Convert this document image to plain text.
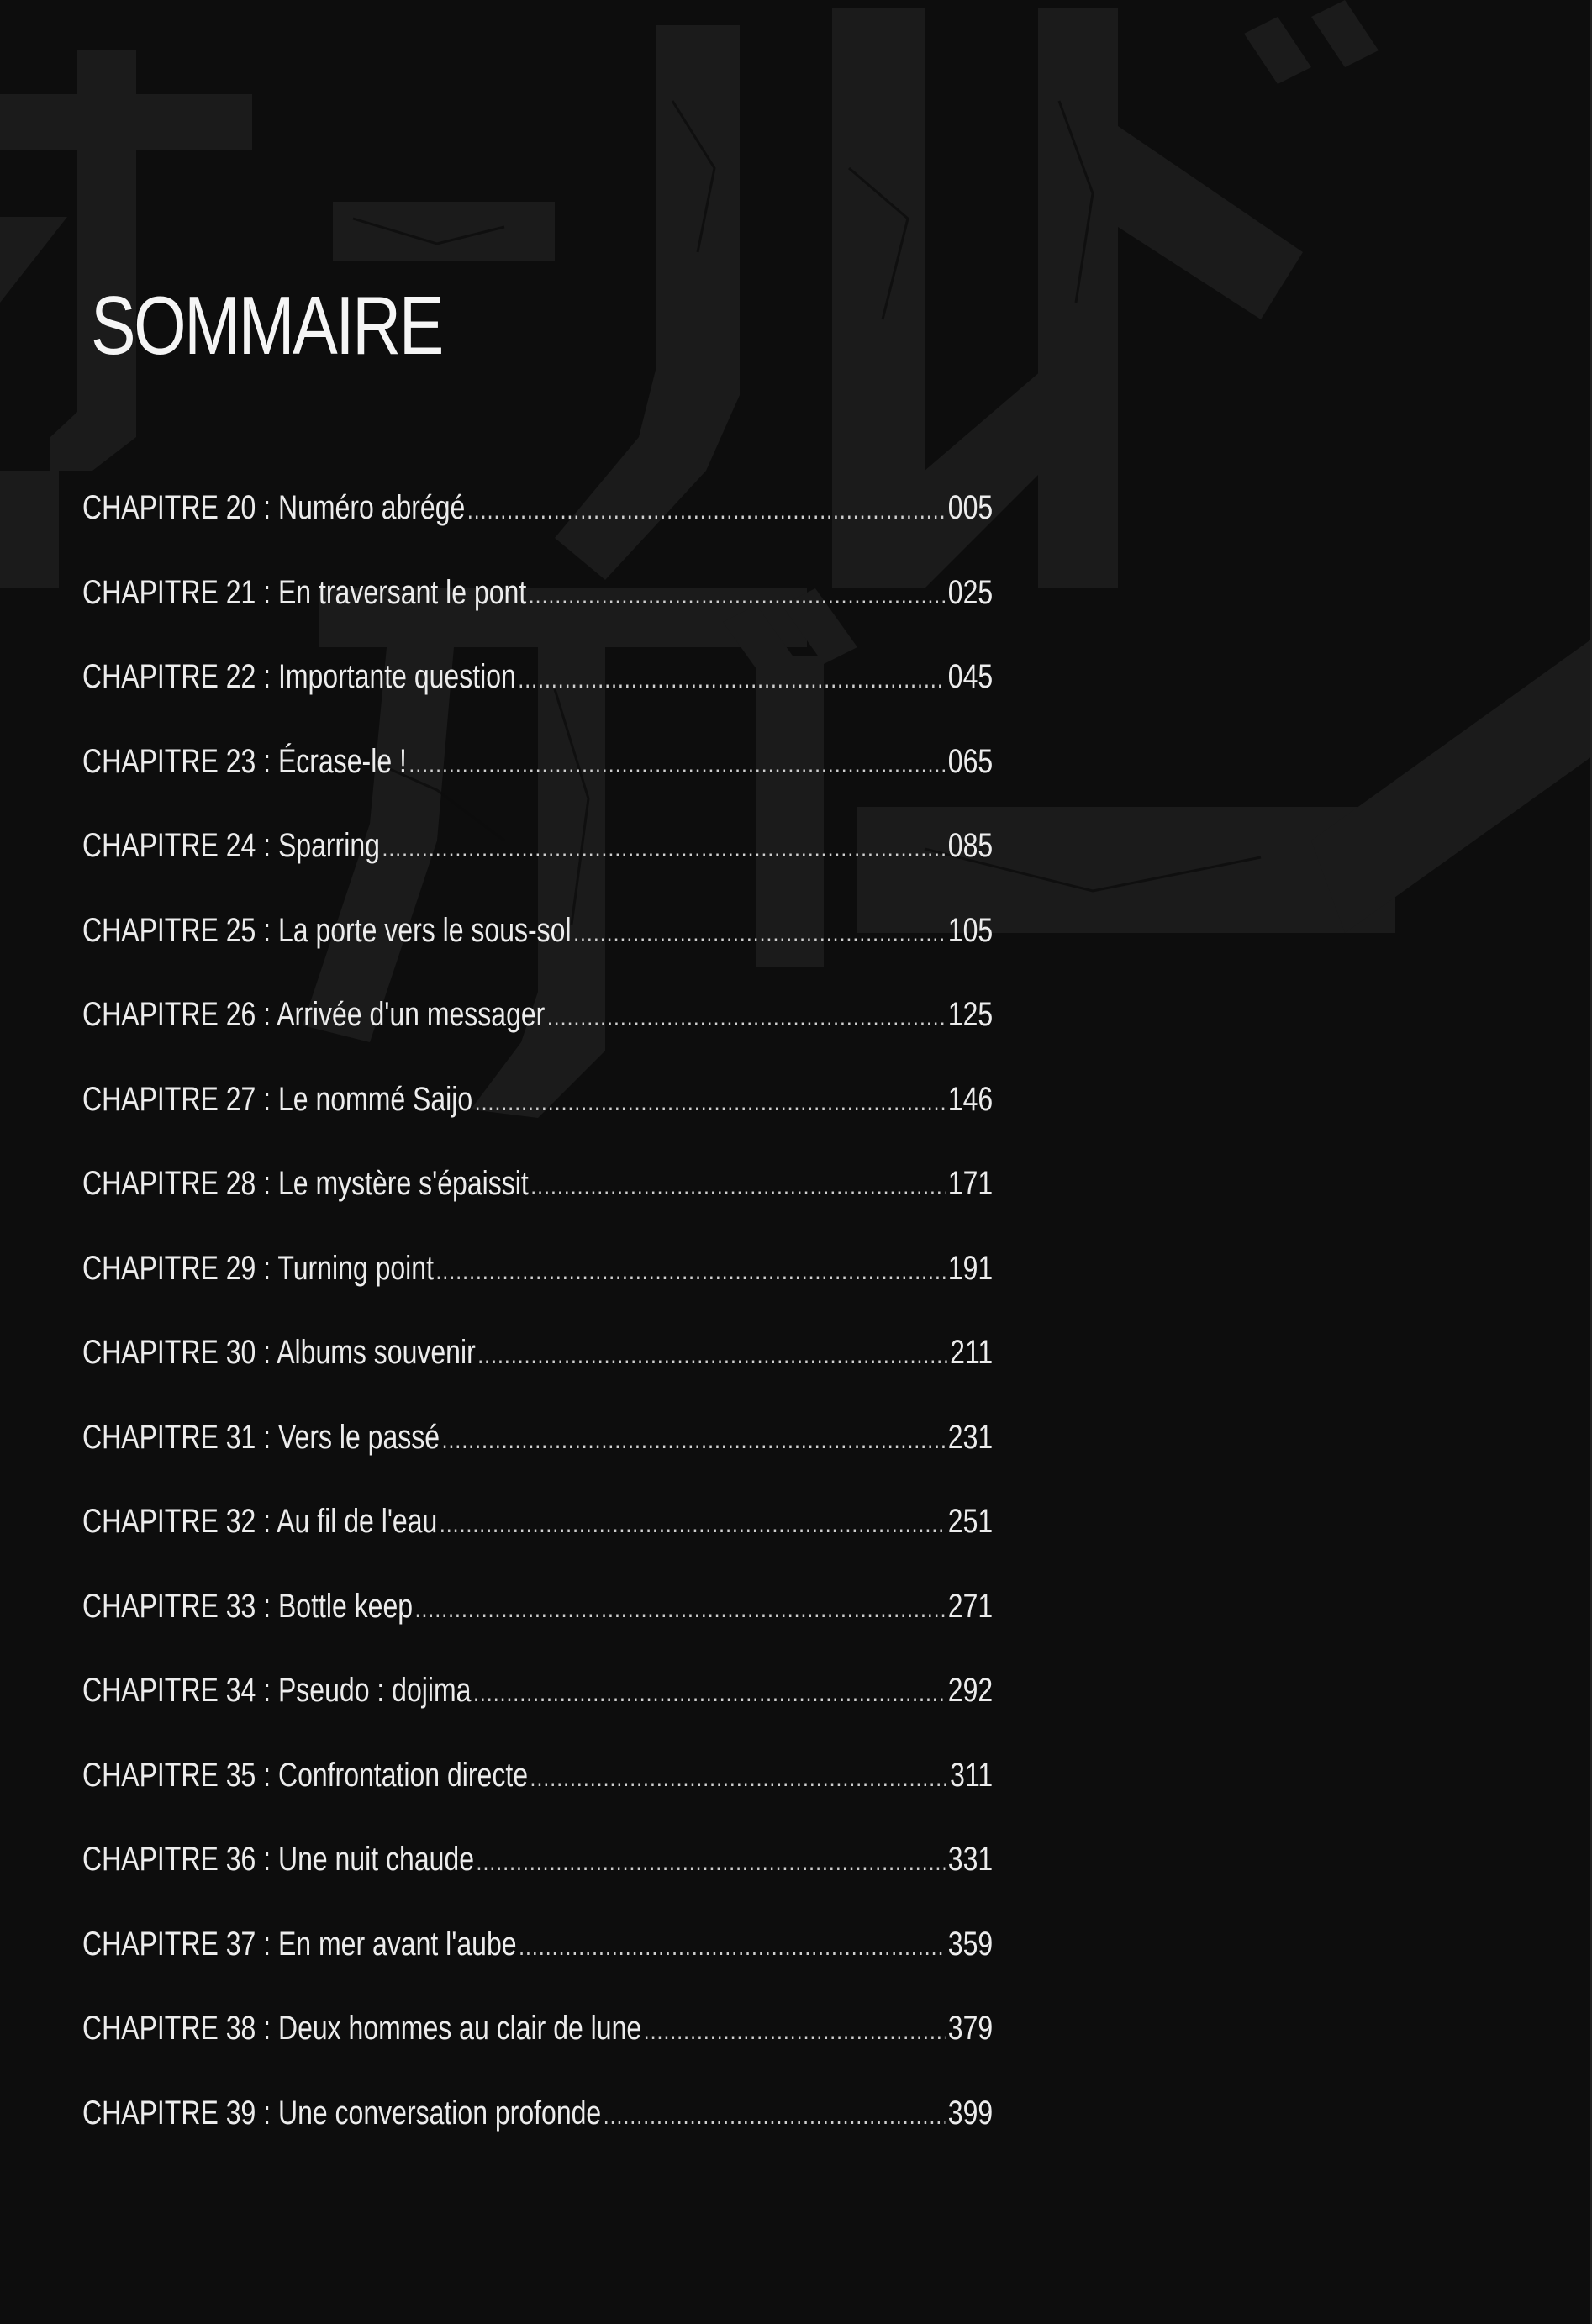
SOMMAIRE
CHAPITRE 20 : Numéro abrégé .....	005
CHAPITRE 21 : En traversant le pont .....	025
CHAPITRE 22 : Importante question .....	045
CHAPITRE 23 : Écrase-le ! .....	065
CHAPITRE 24 : Sparring .....	085
CHAPITRE 25 : La porte vers le sous-sol .....	105
CHAPITRE 26 : Arrivée d'un messager .....	125
CHAPITRE 27 : Le nommé Saijo .....	146
CHAPITRE 28 : Le mystère s'épaissit .....	171
CHAPITRE 29 : Turning point .....	191
CHAPITRE 30 : Albums souvenir .....	211
CHAPITRE 31 : Vers le passé .....	231
CHAPITRE 32 : Au fil de l'eau .....	251
CHAPITRE 33 : Bottle keep .....	271
CHAPITRE 34 : Pseudo : dojima .....	292
CHAPITRE 35 : Confrontation directe .....	311
CHAPITRE 36 : Une nuit chaude .....	331
CHAPITRE 37 : En mer avant l'aube .....	359
CHAPITRE 38 : Deux hommes au clair de lune .....	379
CHAPITRE 39 : Une conversation profonde .....	399
